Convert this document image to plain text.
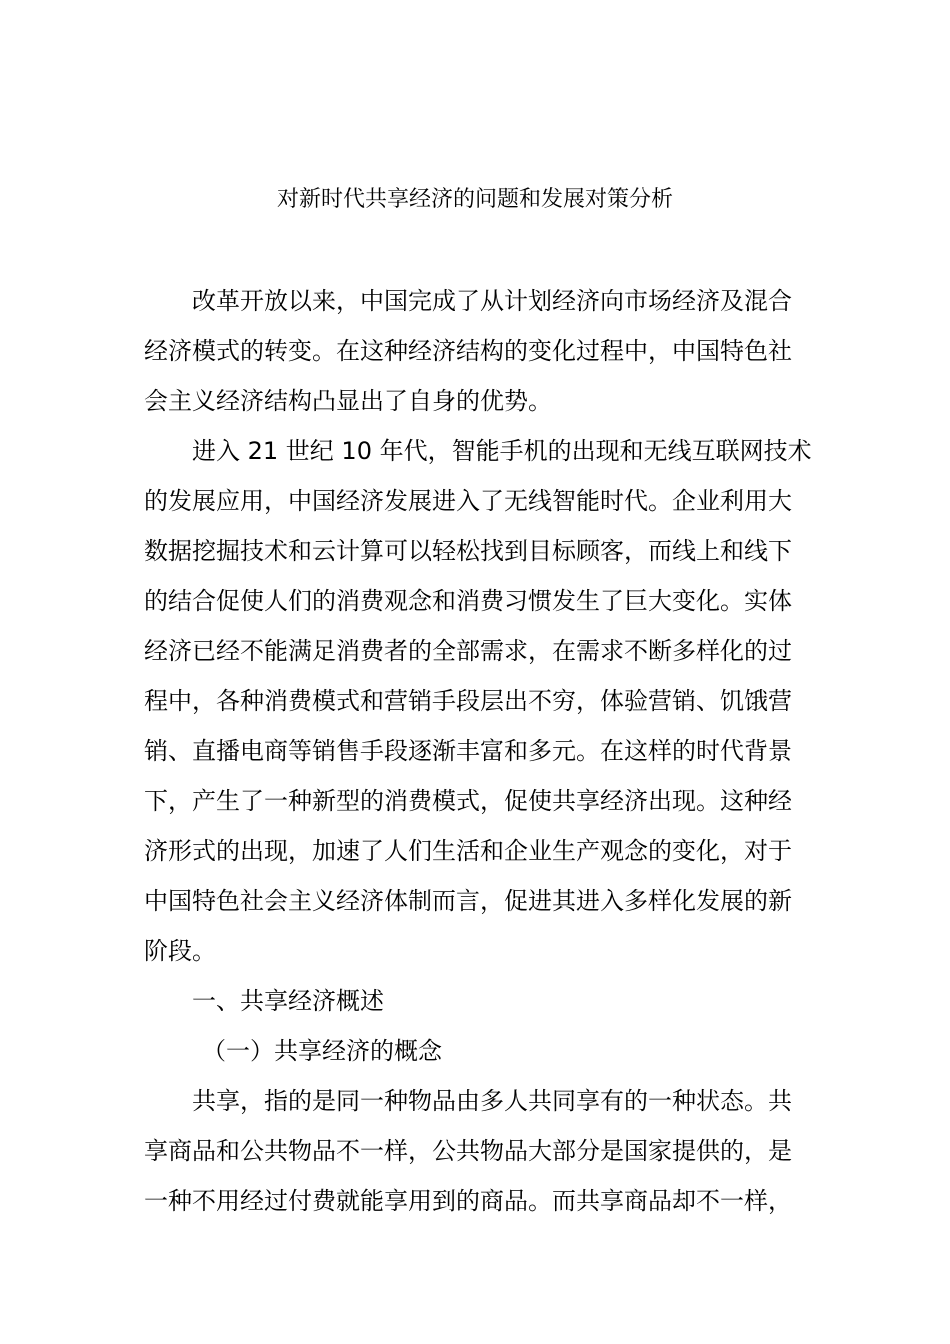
对新时代共享经济的问题和发展对策分析

改革开放以来，中国完成了从计划经济向市场经济及混合
经济模式的转变。在这种经济结构的变化过程中，中国特色社
会主义经济结构凸显出了自身的优势。

进入 21 世纪 10 年代，智能手机的出现和无线互联网技术
的发展应用，中国经济发展进入了无线智能时代。企业利用大
数据挖掘技术和云计算可以轻松找到目标顾客，而线上和线下
的结合促使人们的消费观念和消费习惯发生了巨大变化。实体
经济已经不能满足消费者的全部需求，在需求不断多样化的过
程中，各种消费模式和营销手段层出不穷，体验营销、饥饿营
销、直播电商等销售手段逐渐丰富和多元。在这样的时代背景
下，产生了一种新型的消费模式，促使共享经济出现。这种经
济形式的出现，加速了人们生活和企业生产观念的变化，对于
中国特色社会主义经济体制而言，促进其进入多样化发展的新
阶段。

一、共享经济概述

（一）共享经济的概念

共享，指的是同一种物品由多人共同享有的一种状态。共
享商品和公共物品不一样，公共物品大部分是国家提供的，是
一种不用经过付费就能享用到的商品。而共享商品却不一样，
